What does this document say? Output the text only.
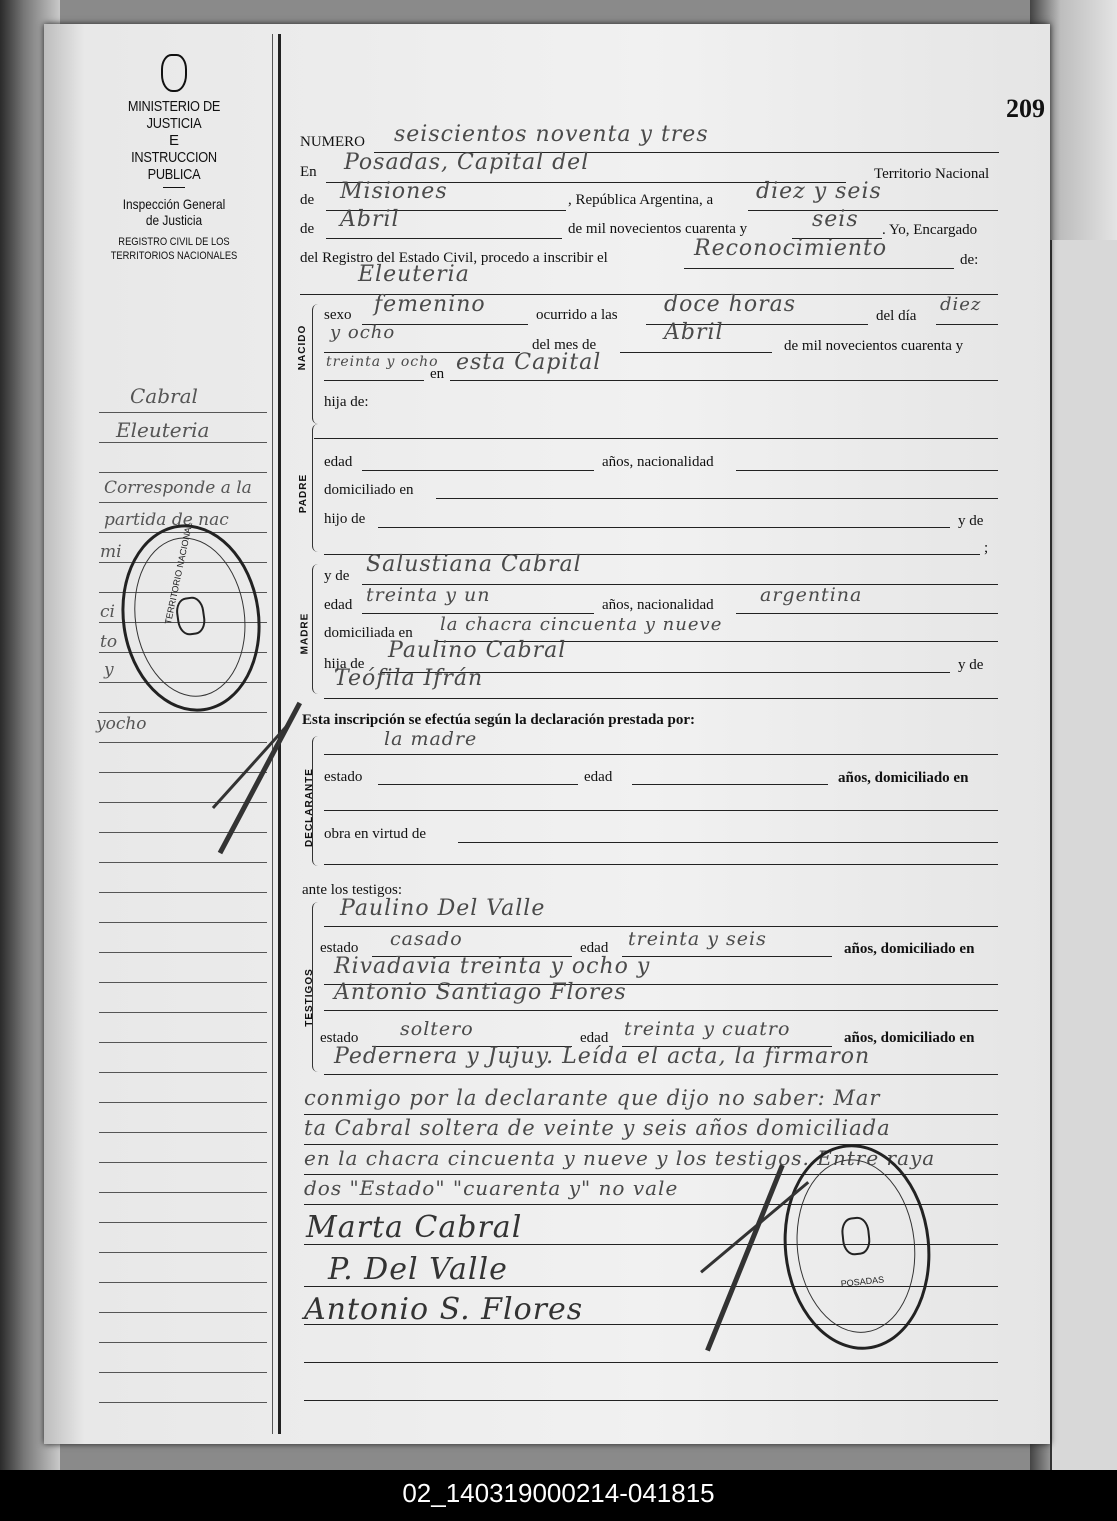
209
MINISTERIO DE JUSTICIA
E
INSTRUCCION PUBLICA
Inspección General
de Justicia
REGISTRO CIVIL DE LOS
TERRITORIOS NACIONALES
Cabral
Eleuteria
Corresponde a la
partida de nac
mi
ci
to
y
yocho
TERRITORIO NACIONAL
NUMERO seiscientos noventa y tres
En Posadas, Capital del	Territorio Nacional
de Misiones	, República Argentina, a diez y seis
de Abril	de mil novecientos cuarenta y	seis . Yo, Encargado
del Registro del Estado Civil, procedo a inscribir el	Reconocimiento	de:
Eleuteria
NACIDO
sexo femenino	ocurrido a las doce horas	del día
diez
y ocho
del mes de	Abril
de mil novecientos cuarenta y
treinta y ocho
en esta Capital
hija de:
PADRE
edad	años, nacionalidad
domiciliado en
hijo de	y de
;
MADRE
y de Salustiana Cabral
edad treinta y un	años, nacionalidad argentina
domiciliada en la chacra cincuenta y nueve
hija de
Paulino Cabral
y de
Teófila Ifrán
Esta inscripción se efectúa según la declaración prestada por:
DECLARANTE
la madre
estado	edad	años, domiciliado en
obra en virtud de
ante los testigos:
TESTIGOS
Paulino Del Valle
estado casado	edad treinta y seis	años, domiciliado en
Rivadavia treinta y ocho y
Antonio Santiago Flores
estado soltero	edad treinta y cuatro	años, domiciliado en
Pedernera y Jujuy. Leída el acta, la firmaron
conmigo por la declarante que dijo no saber: Mar
ta Cabral soltera de veinte y seis años domiciliada
en la chacra cincuenta y nueve y los testigos. Entre raya
dos "Estado" "cuarenta y" no vale
Marta Cabral
P. Del Valle
Antonio S. Flores
POSADAS
02_140319000214-041815
